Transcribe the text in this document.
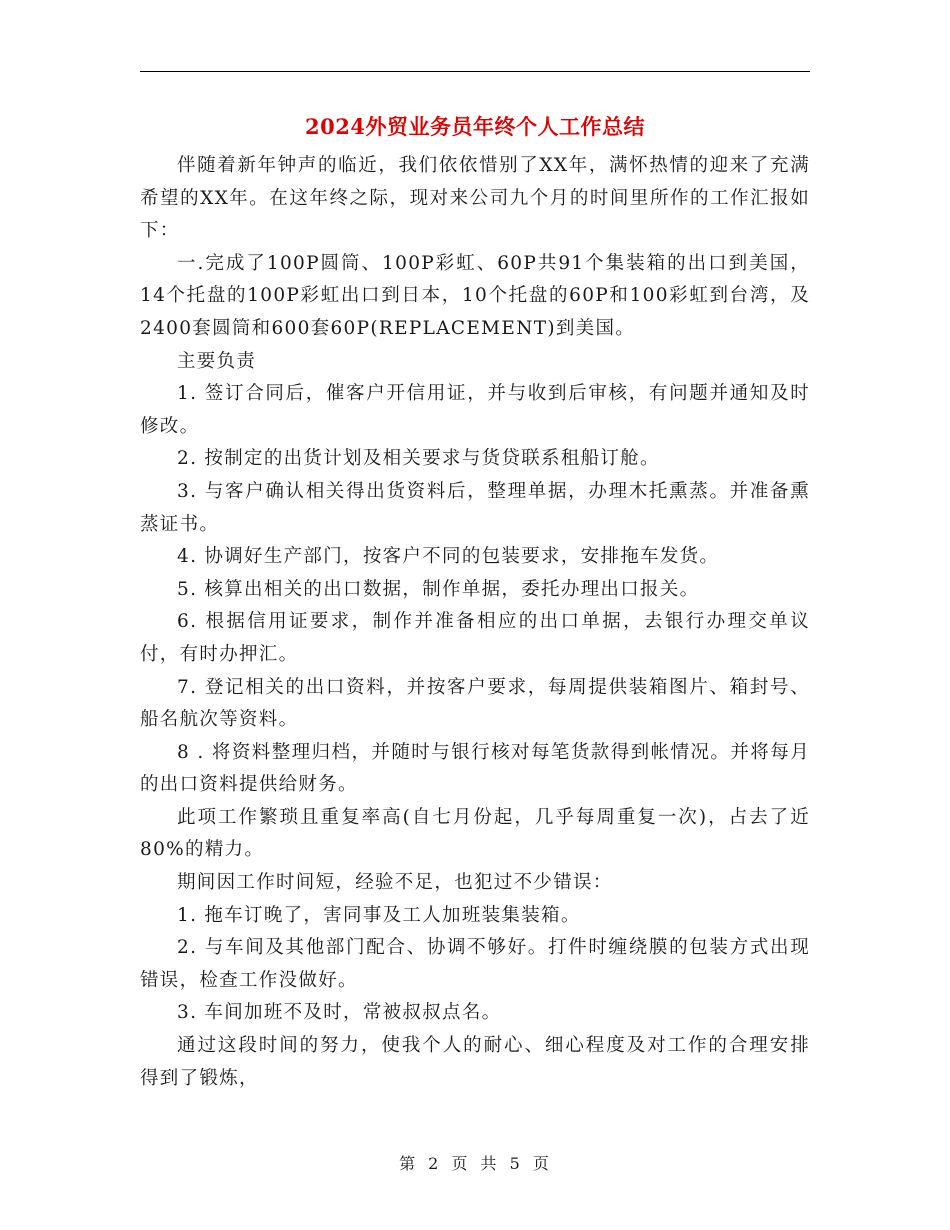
2024外贸业务员年终个人工作总结

伴随着新年钟声的临近，我们依依惜别了XX年，满怀热情的迎来了充满希望的XX年。在这年终之际，现对来公司九个月的时间里所作的工作汇报如下：

一.完成了100P圆筒、100P彩虹、60P共91个集装箱的出口到美国，14个托盘的100P彩虹出口到日本，10个托盘的60P和100彩虹到台湾，及2400套圆筒和600套60P(REPLACEMENT)到美国。

主要负责

1. 签订合同后，催客户开信用证，并与收到后审核，有问题并通知及时修改。

2. 按制定的出货计划及相关要求与货贷联系租船订舱。

3. 与客户确认相关得出货资料后，整理单据，办理木托熏蒸。并准备熏蒸证书。

4. 协调好生产部门，按客户不同的包装要求，安排拖车发货。

5. 核算出相关的出口数据，制作单据，委托办理出口报关。

6. 根据信用证要求，制作并准备相应的出口单据，去银行办理交单议付，有时办押汇。

7. 登记相关的出口资料，并按客户要求，每周提供装箱图片、箱封号、船名航次等资料。

8 . 将资料整理归档，并随时与银行核对每笔货款得到帐情况。并将每月的出口资料提供给财务。

此项工作繁琐且重复率高(自七月份起，几乎每周重复一次)，占去了近80%的精力。

期间因工作时间短，经验不足，也犯过不少错误：

1. 拖车订晚了，害同事及工人加班装集装箱。

2. 与车间及其他部门配合、协调不够好。打件时缠绕膜的包装方式出现错误，检查工作没做好。

3. 车间加班不及时，常被叔叔点名。

通过这段时间的努力，使我个人的耐心、细心程度及对工作的合理安排得到了锻炼，

第 2 页 共 5 页
